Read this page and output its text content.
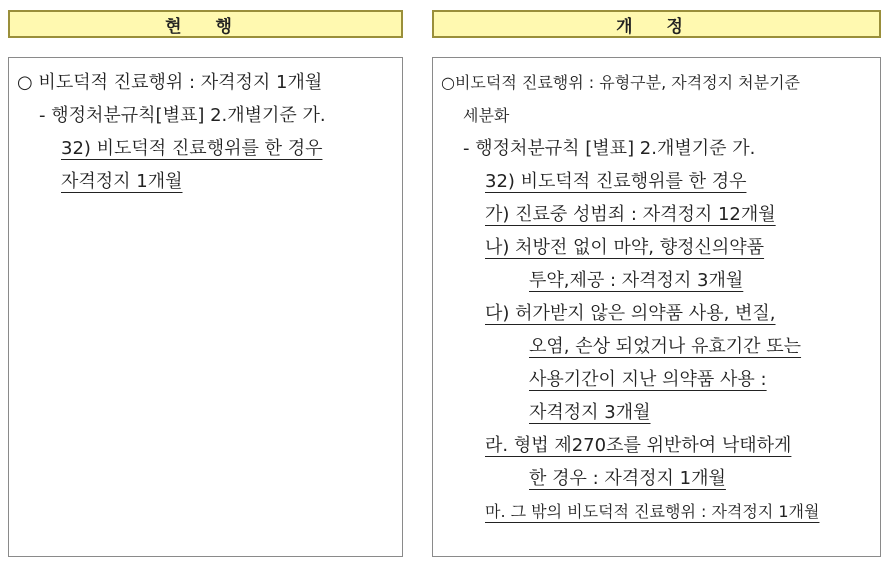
현 행	개 정
○ 비도덕적 진료행위 : 자격정지 1개월
- 행정처분규칙[별표] 2.개별기준 가.
32) 비도덕적 진료행위를 한 경우
자격정지 1개월
○비도덕적 진료행위 : 유형구분, 자격정지 처분기준
세분화
- 행정처분규칙 [별표] 2.개별기준 가.
32) 비도덕적 진료행위를 한 경우
가) 진료중 성범죄 : 자격정지 12개월
나) 처방전 없이 마약, 향정신의약품
투약,제공 : 자격정지 3개월
다) 허가받지 않은 의약품 사용, 변질,
오염, 손상 되었거나 유효기간 또는
사용기간이 지난 의약품 사용 :
자격정지 3개월
라. 형법 제270조를 위반하여 낙태하게
한 경우 : 자격정지 1개월
마. 그 밖의 비도덕적 진료행위 : 자격정지 1개월
